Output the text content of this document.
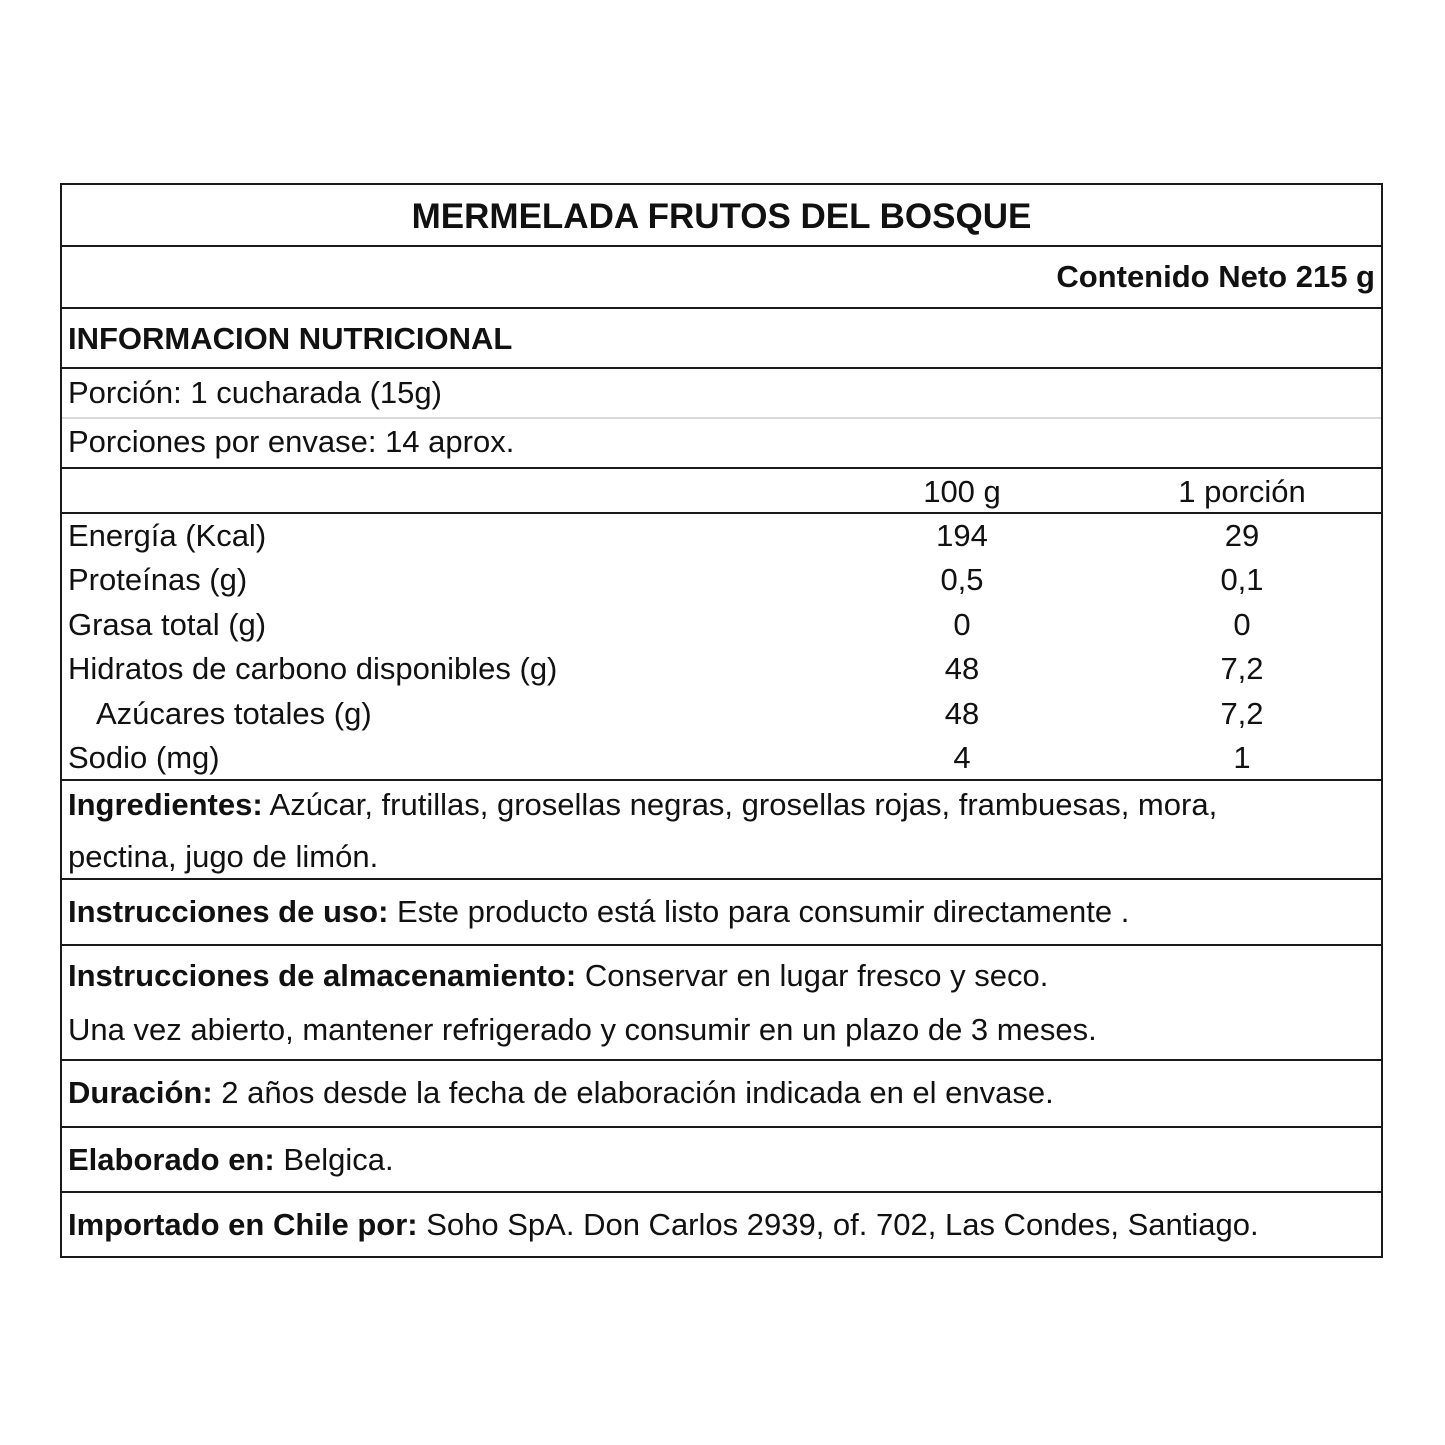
MERMELADA FRUTOS DEL BOSQUE
Contenido Neto 215 g
INFORMACION NUTRICIONAL
Porción: 1 cucharada (15g)
Porciones por envase: 14 aprox.
100 g	1 porción
Energía (Kcal)	194	29
Proteínas (g)	0,5	0,1
Grasa total (g)	0	0
Hidratos de carbono disponibles (g)	48	7,2
Azúcares totales (g)	48	7,2
Sodio (mg)	4	1
Ingredientes: Azúcar, frutillas, grosellas negras, grosellas rojas, frambuesas, mora,
pectina, jugo de limón.
Instrucciones de uso: Este producto está listo para consumir directamente .
Instrucciones de almacenamiento: Conservar en lugar fresco y seco.
Una vez abierto, mantener refrigerado y consumir en un plazo de 3 meses.
Duración: 2 años desde la fecha de elaboración indicada en el envase.
Elaborado en: Belgica.
Importado en Chile por: Soho SpA. Don Carlos 2939, of. 702, Las Condes, Santiago.
